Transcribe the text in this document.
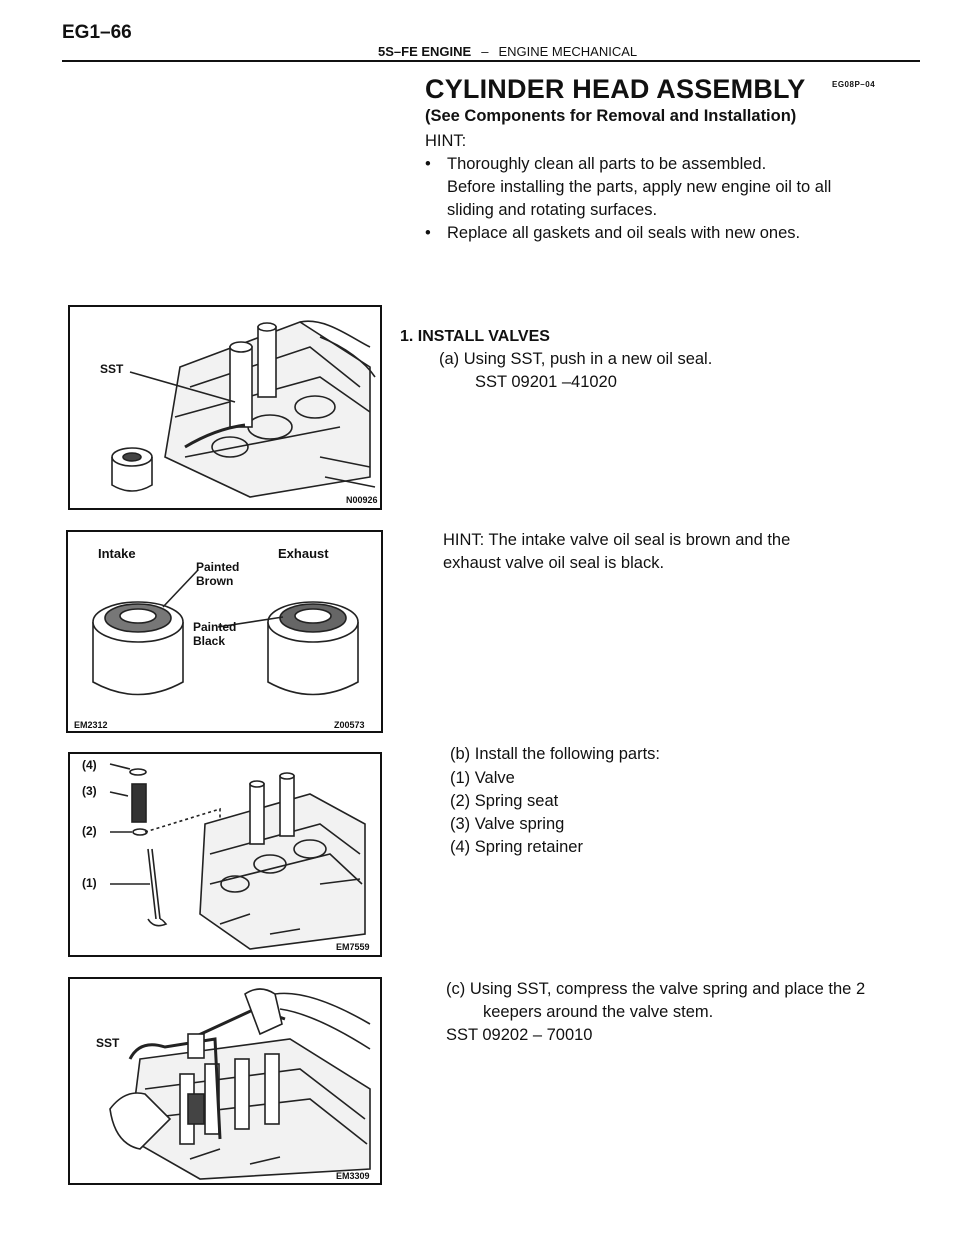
EG1–66
5S–FE ENGINE – ENGINE MECHANICAL
EG08P–04
CYLINDER HEAD ASSEMBLY
(See Components for Removal and Installation)
HINT:
• Thoroughly clean all parts to be assembled.
Before installing the parts, apply new engine oil to all
sliding and rotating surfaces.
• Replace all gaskets and oil seals with new ones.
1. INSTALL VALVES
(a) Using SST, push in a new oil seal.
SST 09201 –41020
HINT: The intake valve oil seal is brown and the
exhaust valve oil seal is black.
(b) Install the following parts:
(1) Valve
(2) Spring seat
(3) Valve spring
(4) Spring retainer
(c) Using SST, compress the valve spring and place the 2
keepers around the valve stem.
SST 09202 – 70010
SST
N00926
Intake	Exhaust
Painted
Brown
Painted
Black
EM2312	Z00573
(4)
(3)
(2)
(1)
EM7559
SST
EM3309
